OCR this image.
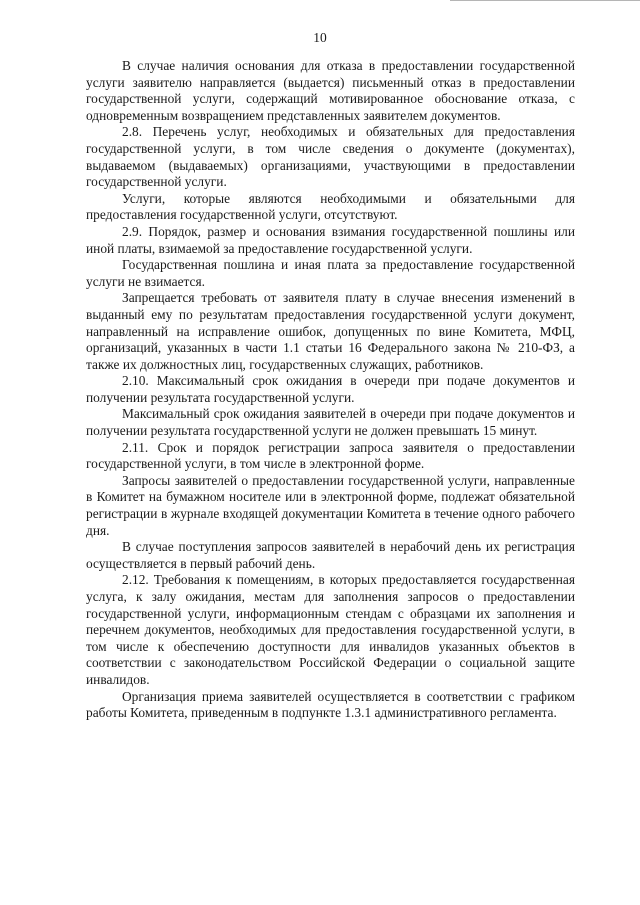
10

В случае наличия основания для отказа в предоставлении государственной услуги заявителю направляется (выдается) письменный отказ в предоставлении государственной услуги, содержащий мотивированное обоснование отказа, с одновременным возвращением представленных заявителем документов.

2.8. Перечень услуг, необходимых и обязательных для предоставления государственной услуги, в том числе сведения о документе (документах), выдаваемом (выдаваемых) организациями, участвующими в предоставлении государственной услуги.

Услуги, которые являются необходимыми и обязательными для предоставления государственной услуги, отсутствуют.

2.9. Порядок, размер и основания взимания государственной пошлины или иной платы, взимаемой за предоставление государственной услуги.

Государственная пошлина и иная плата за предоставление государственной услуги не взимается.

Запрещается требовать от заявителя плату в случае внесения изменений в выданный ему по результатам предоставления государственной услуги документ, направленный на исправление ошибок, допущенных по вине Комитета, МФЦ, организаций, указанных в части 1.1 статьи 16 Федерального закона № 210-ФЗ, а также их должностных лиц, государственных служащих, работников.

2.10. Максимальный срок ожидания в очереди при подаче документов и получении результата государственной услуги.

Максимальный срок ожидания заявителей в очереди при подаче документов и получении результата государственной услуги не должен превышать 15 минут.

2.11. Срок и порядок регистрации запроса заявителя о предоставлении государственной услуги, в том числе в электронной форме.

Запросы заявителей о предоставлении государственной услуги, направленные в Комитет на бумажном носителе или в электронной форме, подлежат обязательной регистрации в журнале входящей документации Комитета в течение одного рабочего дня.

В случае поступления запросов заявителей в нерабочий день их регистрация осуществляется в первый рабочий день.

2.12. Требования к помещениям, в которых предоставляется государственная услуга, к залу ожидания, местам для заполнения запросов о предоставлении государственной услуги, информационным стендам с образцами их заполнения и перечнем документов, необходимых для предоставления государственной услуги, в том числе к обеспечению доступности для инвалидов указанных объектов в соответствии с законодательством Российской Федерации о социальной защите инвалидов.

Организация приема заявителей осуществляется в соответствии с графиком работы Комитета, приведенным в подпункте 1.3.1 административного регламента.
